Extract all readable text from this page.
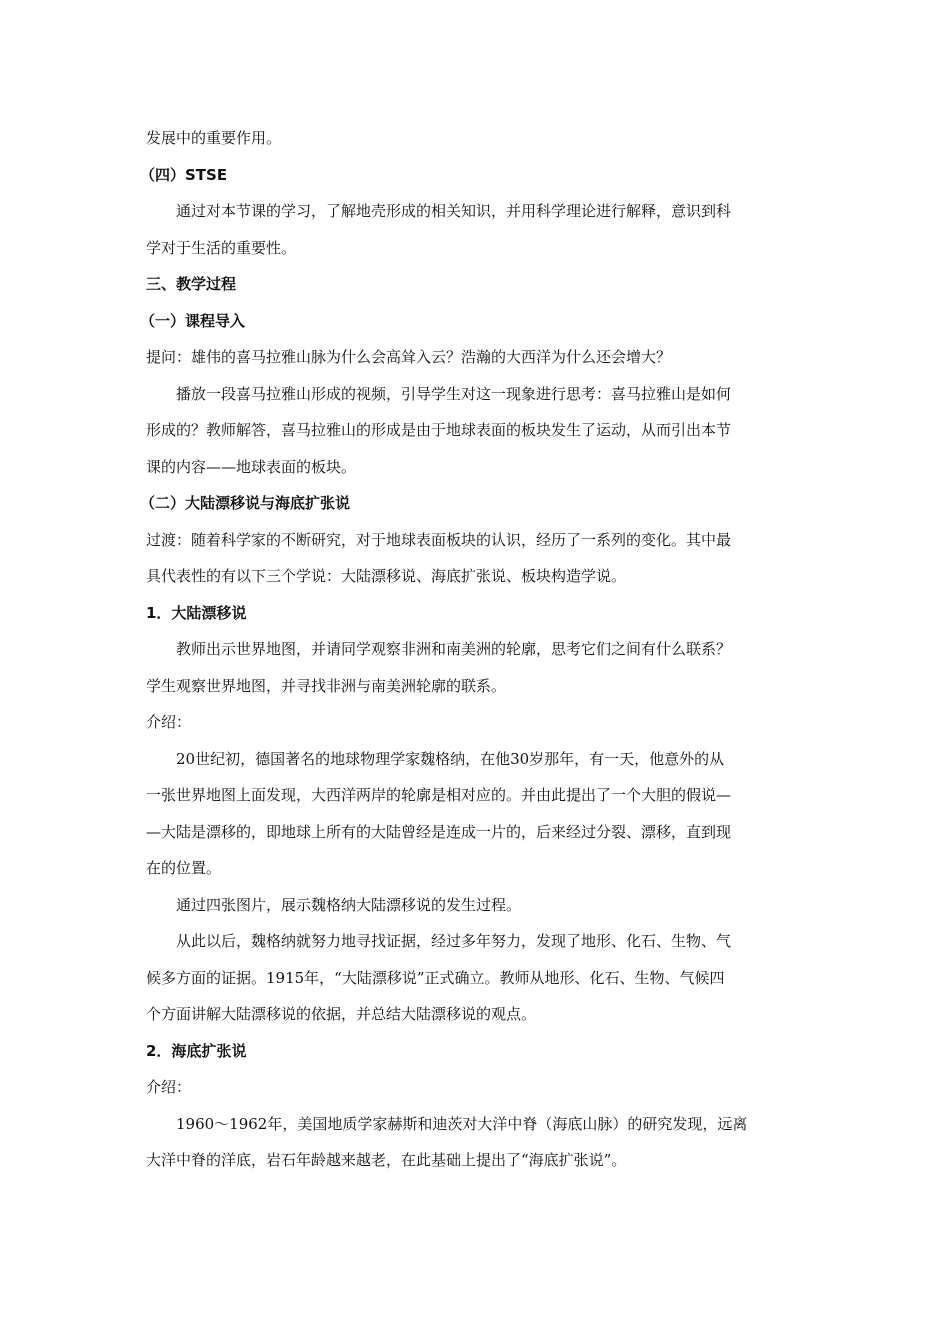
发展中的重要作用。
（四）STSE
通过对本节课的学习，了解地壳形成的相关知识，并用科学理论进行解释，意识到科
学对于生活的重要性。
三、教学过程
（一）课程导入
提问：雄伟的喜马拉雅山脉为什么会高耸入云？浩瀚的大西洋为什么还会增大？
播放一段喜马拉雅山形成的视频，引导学生对这一现象进行思考：喜马拉雅山是如何
形成的？教师解答，喜马拉雅山的形成是由于地球表面的板块发生了运动，从而引出本节
课的内容——地球表面的板块。
（二）大陆漂移说与海底扩张说
过渡：随着科学家的不断研究，对于地球表面板块的认识，经历了一系列的变化。其中最
具代表性的有以下三个学说：大陆漂移说、海底扩张说、板块构造学说。
1．大陆漂移说
教师出示世界地图，并请同学观察非洲和南美洲的轮廓，思考它们之间有什么联系？
学生观察世界地图，并寻找非洲与南美洲轮廓的联系。
介绍：
20世纪初，德国著名的地球物理学家魏格纳，在他30岁那年，有一天，他意外的从
一张世界地图上面发现，大西洋两岸的轮廓是相对应的。并由此提出了一个大胆的假说—
—大陆是漂移的，即地球上所有的大陆曾经是连成一片的，后来经过分裂、漂移，直到现
在的位置。
通过四张图片，展示魏格纳大陆漂移说的发生过程。
从此以后，魏格纳就努力地寻找证据，经过多年努力，发现了地形、化石、生物、气
候多方面的证据。1915年，“大陆漂移说”正式确立。教师从地形、化石、生物、气候四
个方面讲解大陆漂移说的依据，并总结大陆漂移说的观点。
2．海底扩张说
介绍：
1960～1962年，美国地质学家赫斯和迪茨对大洋中脊（海底山脉）的研究发现，远离
大洋中脊的洋底，岩石年龄越来越老，在此基础上提出了“海底扩张说”。
